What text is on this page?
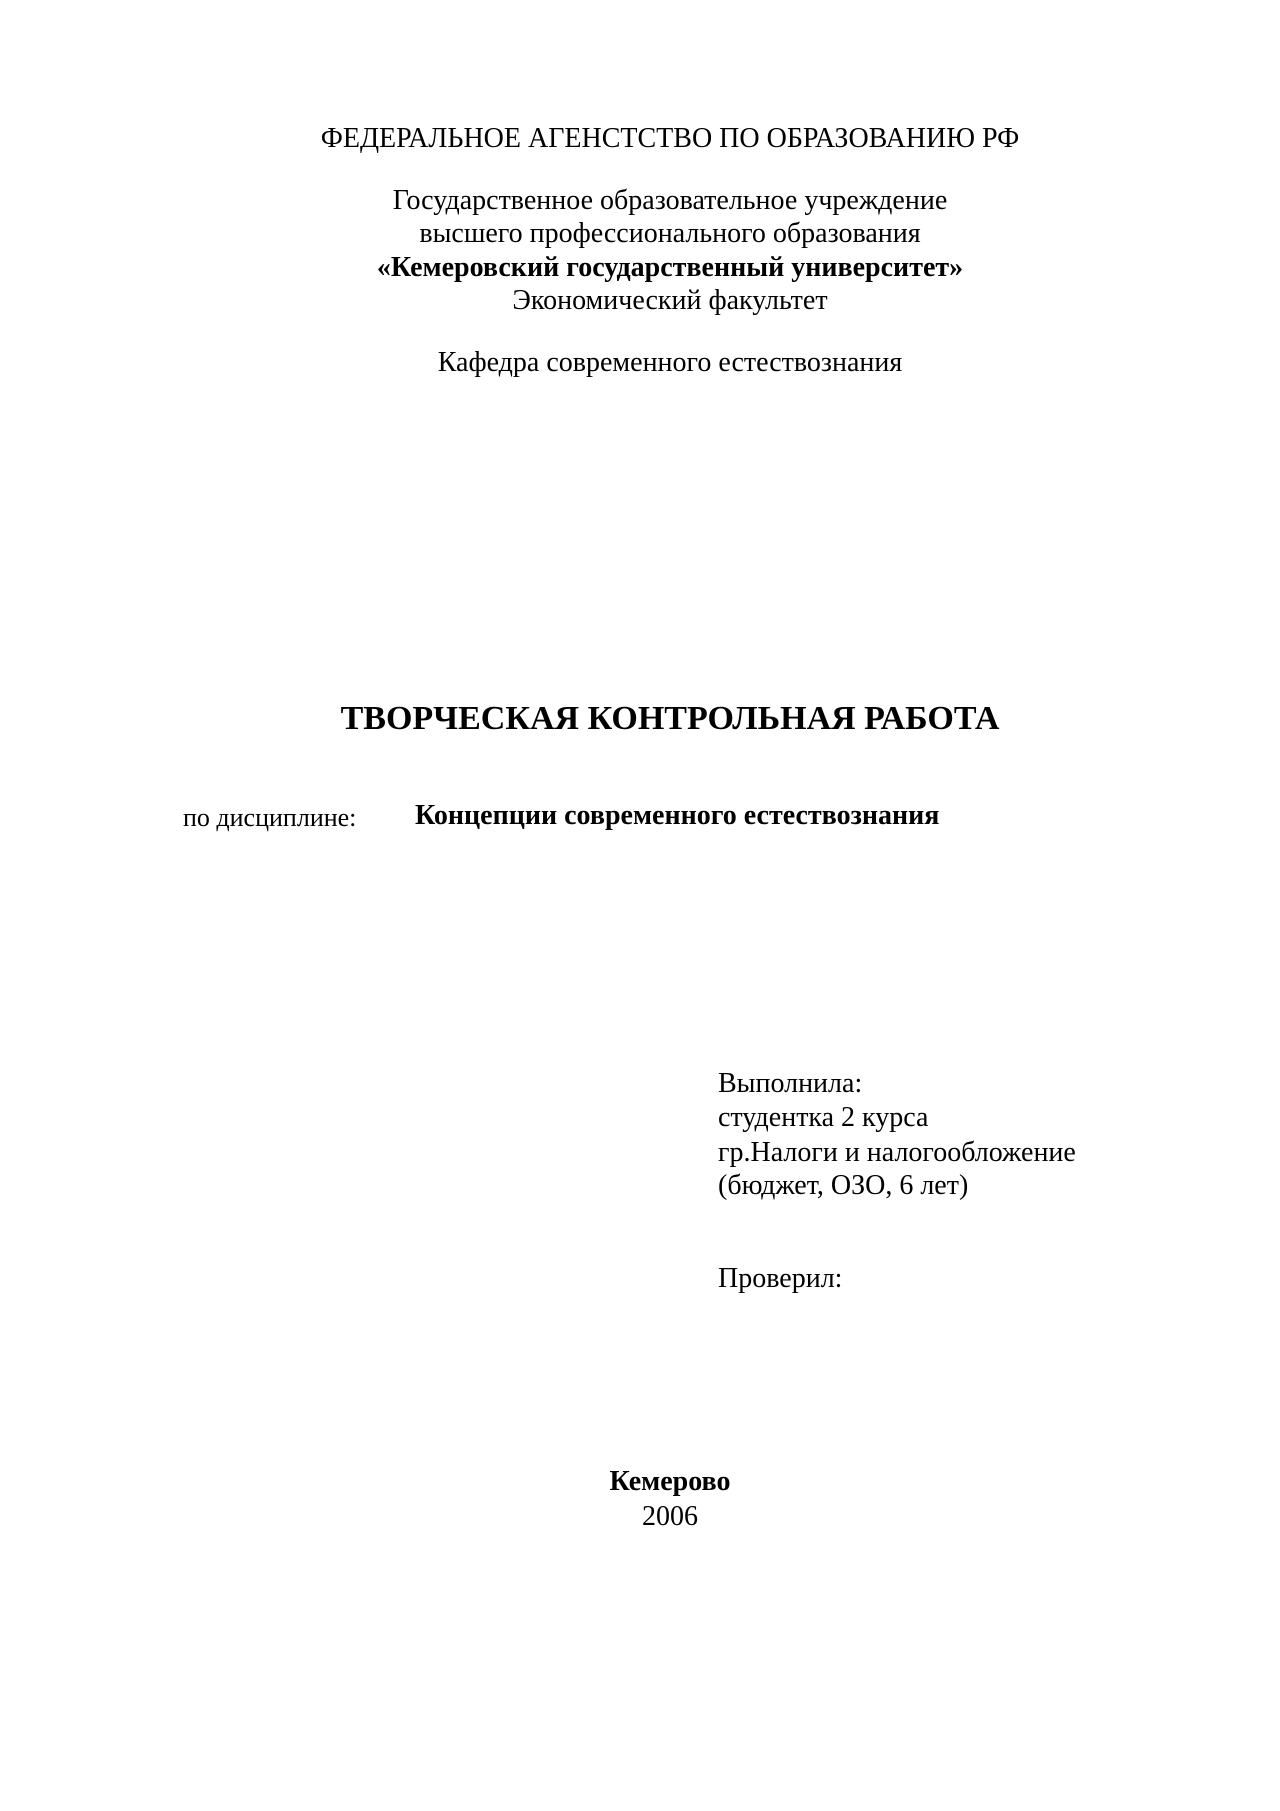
ФЕДЕРАЛЬНОЕ АГЕНСТСТВО ПО ОБРАЗОВАНИЮ РФ
Государственное образовательное учреждение
высшего профессионального образования
«Кемеровский государственный университет»
Экономический факультет
Кафедра современного естествознания
ТВОРЧЕСКАЯ КОНТРОЛЬНАЯ РАБОТА
по дисциплине: Концепции современного естествознания
Выполнила:
студентка 2 курса
гр.Налоги и налогообложение
(бюджет, ОЗО, 6 лет)
Проверил:
Кемерово
2006
